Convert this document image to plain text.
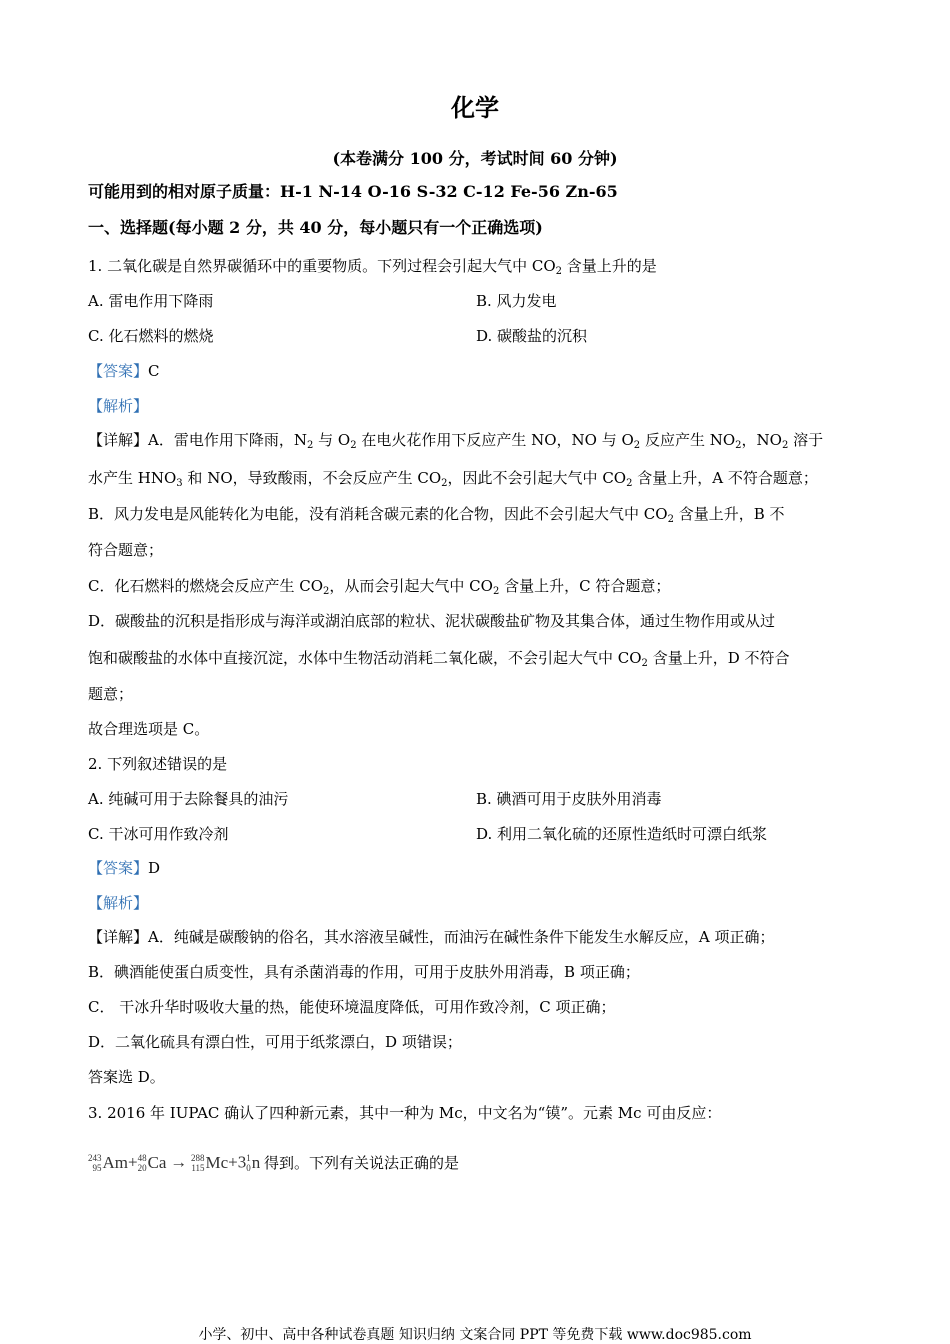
化学
(本卷满分 100 分，考试时间 60 分钟)
可能用到的相对原子质量：H-1 N-14 O-16 S-32 C-12 Fe-56 Zn-65
一、选择题(每小题 2 分，共 40 分，每小题只有一个正确选项)
1. 二氧化碳是自然界碳循环中的重要物质。下列过程会引起大气中 $CO_2$ 含量上升的是
A. 雷电作用下降雨	B. 风力发电
C. 化石燃料的燃烧	D. 碳酸盐的沉积
【答案】C
【解析】
【详解】A．雷电作用下降雨，$N_2$ 与 $O_2$ 在电火花作用下反应产生 NO，NO 与 $O_2$ 反应产生 $NO_2$，$NO_2$ 溶于
水产生 $HNO_3$ 和 NO，导致酸雨，不会反应产生 $CO_2$，因此不会引起大气中 $CO_2$ 含量上升，A 不符合题意；
B．风力发电是风能转化为电能，没有消耗含碳元素的化合物，因此不会引起大气中 $CO_2$ 含量上升，B 不
符合题意；
C．化石燃料的燃烧会反应产生 $CO_2$，从而会引起大气中 $CO_2$ 含量上升，C 符合题意；
D．碳酸盐的沉积是指形成与海洋或湖泊底部的粒状、泥状碳酸盐矿物及其集合体，通过生物作用或从过
饱和碳酸盐的水体中直接沉淀，水体中生物活动消耗二氧化碳，不会引起大气中 $CO_2$ 含量上升，D 不符合
题意；
故合理选项是 C。
2. 下列叙述错误的是
A. 纯碱可用于去除餐具的油污	B. 碘酒可用于皮肤外用消毒
C. 干冰可用作致冷剂	D. 利用二氧化硫的还原性造纸时可漂白纸浆
【答案】D
【解析】
【详解】A．纯碱是碳酸钠的俗名，其水溶液呈碱性，而油污在碱性条件下能发生水解反应，A 项正确；
B．碘酒能使蛋白质变性，具有杀菌消毒的作用，可用于皮肤外用消毒，B 项正确；
C． 干冰升华时吸收大量的热，能使环境温度降低，可用作致冷剂，C 项正确；
D．二氧化硫具有漂白性，可用于纸浆漂白，D 项错误；
答案选 D。
3. 2016 年 IUPAC 确认了四种新元素，其中一种为 Mc，中文名为“镆”。元素 Mc 可由反应：
243
95Am+48
20Ca → 288
115Mc+31
0n 得到。下列有关说法正确的是
小学、初中、高中各种试卷真题 知识归纳 文案合同 PPT 等免费下载 www.doc985.com
